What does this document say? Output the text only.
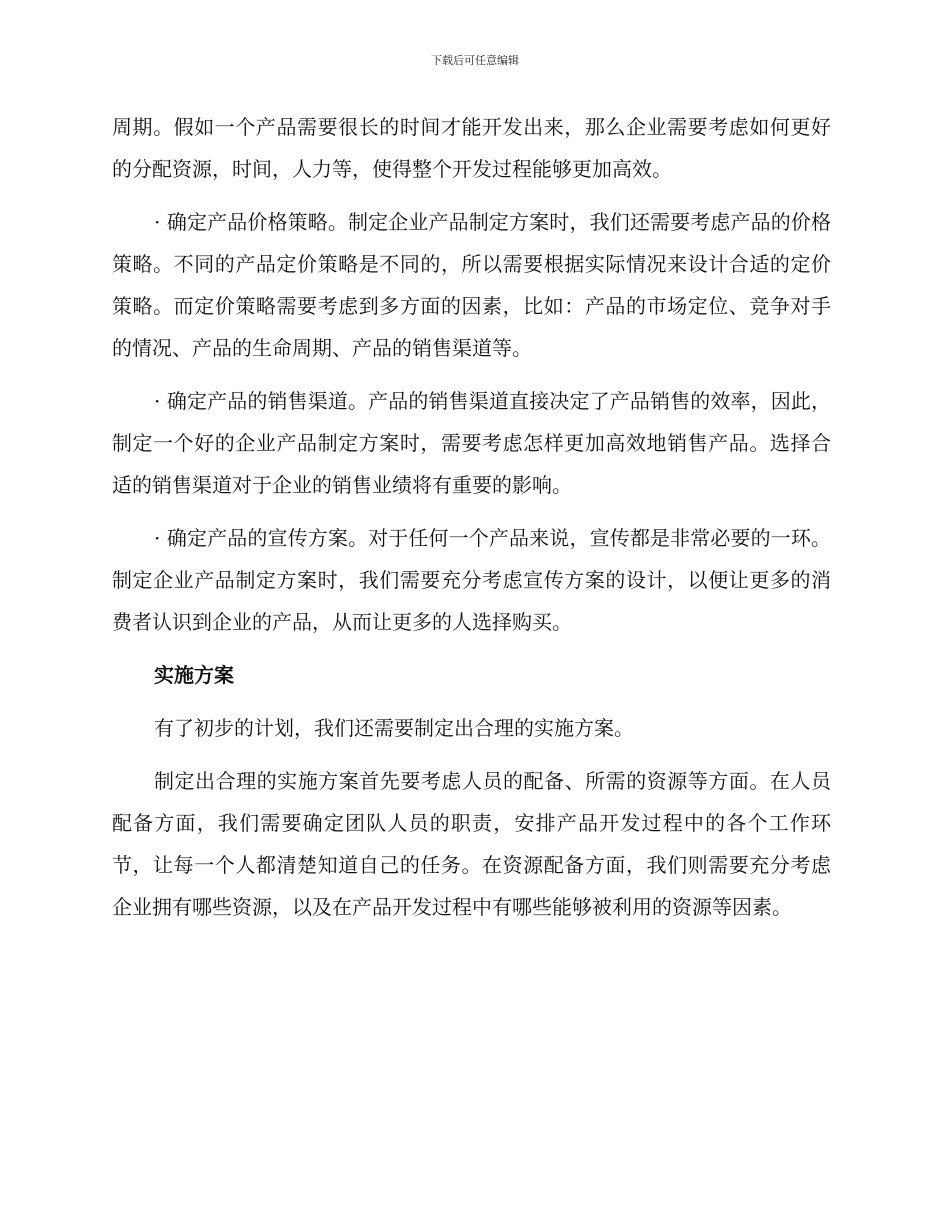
下载后可任意编辑

周期。假如一个产品需要很长的时间才能开发出来，那么企业需要考虑如何更好的分配资源，时间，人力等，使得整个开发过程能够更加高效。

· 确定产品价格策略。制定企业产品制定方案时，我们还需要考虑产品的价格策略。不同的产品定价策略是不同的，所以需要根据实际情况来设计合适的定价策略。而定价策略需要考虑到多方面的因素，比如：产品的市场定位、竞争对手的情况、产品的生命周期、产品的销售渠道等。

· 确定产品的销售渠道。产品的销售渠道直接决定了产品销售的效率，因此，制定一个好的企业产品制定方案时，需要考虑怎样更加高效地销售产品。选择合适的销售渠道对于企业的销售业绩将有重要的影响。

· 确定产品的宣传方案。对于任何一个产品来说，宣传都是非常必要的一环。制定企业产品制定方案时，我们需要充分考虑宣传方案的设计，以便让更多的消费者认识到企业的产品，从而让更多的人选择购买。

实施方案

有了初步的计划，我们还需要制定出合理的实施方案。

制定出合理的实施方案首先要考虑人员的配备、所需的资源等方面。在人员配备方面，我们需要确定团队人员的职责，安排产品开发过程中的各个工作环节，让每一个人都清楚知道自己的任务。在资源配备方面，我们则需要充分考虑企业拥有哪些资源，以及在产品开发过程中有哪些能够被利用的资源等因素。
